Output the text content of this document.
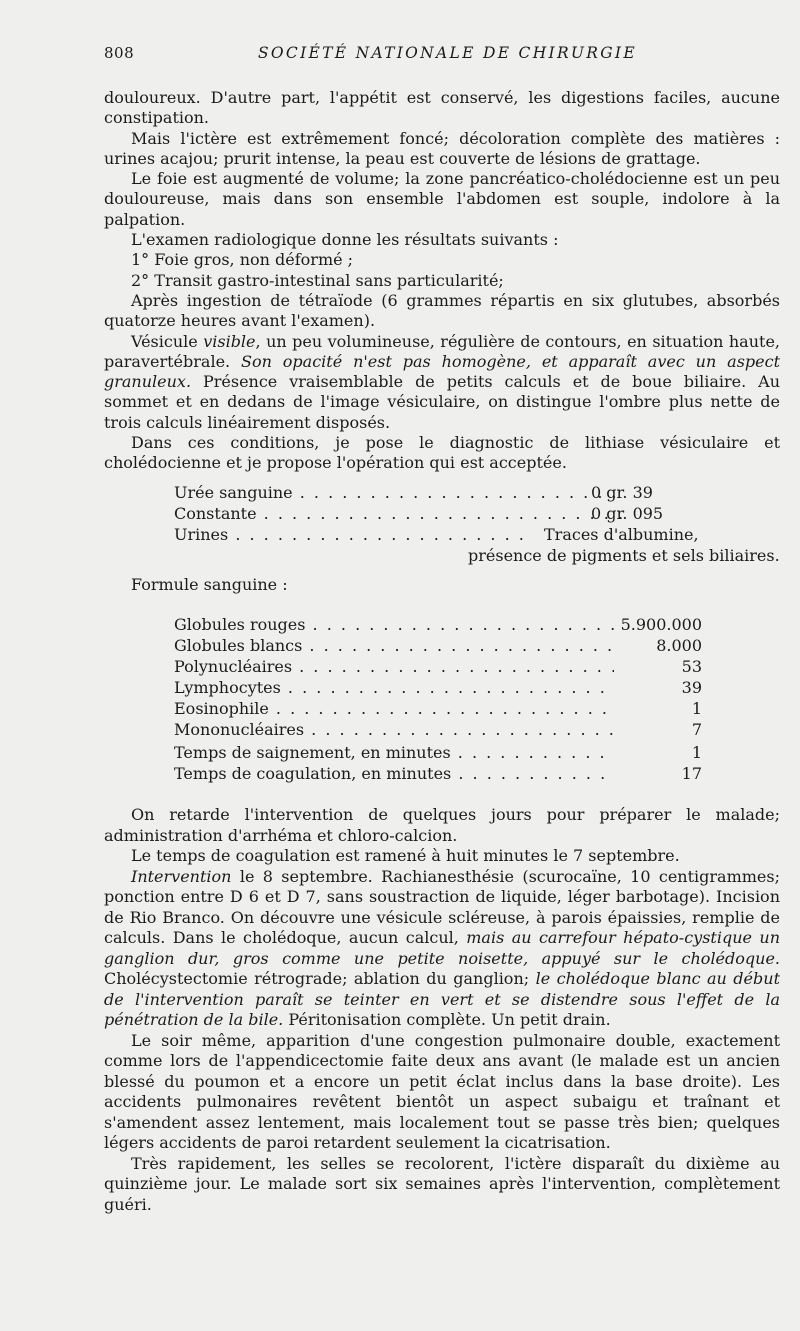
808	SOCIÉTÉ NATIONALE DE CHIRURGIE

douloureux. D'autre part, l'appétit est conservé, les digestions faciles, aucune constipation.

Mais l'ictère est extrêmement foncé; décoloration complète des matières : urines acajou; prurit intense, la peau est couverte de lésions de grattage.

Le foie est augmenté de volume; la zone pancréatico-cholédocienne est un peu douloureuse, mais dans son ensemble l'abdomen est souple, indolore à la palpation.

L'examen radiologique donne les résultats suivants :

1° Foie gros, non déformé ;

2° Transit gastro-intestinal sans particularité;

Après ingestion de tétraïode (6 grammes répartis en six glutubes, absorbés quatorze heures avant l'examen).

Vésicule visible, un peu volumineuse, régulière de contours, en situation haute, paravertébrale. Son opacité n'est pas homogène, et apparaît avec un aspect granuleux. Présence vraisemblable de petits calculs et de boue biliaire. Au sommet et en dedans de l'image vésiculaire, on distingue l'ombre plus nette de trois calculs linéairement disposés.

Dans ces conditions, je pose le diagnostic de lithiase vésiculaire et cholédocienne et je propose l'opération qui est acceptée.

Urée sanguine . . .	0 gr. 39
Constante . . .	0 gr. 095
Urines . . .	Traces d'albumine,
présence de pigments et sels biliaires.
Formule sanguine :
Globules rouges . . .	5.900.000
Globules blancs . . .	8.000
Polynucléaires . . .	53
Lymphocytes . . .	39
Eosinophile . . .	1
Mononucléaires . . .	7
Temps de saignement, en minutes . . .	1
Temps de coagulation, en minutes . . .	17

On retarde l'intervention de quelques jours pour préparer le malade; administration d'arrhéma et chloro-calcion.

Le temps de coagulation est ramené à huit minutes le 7 septembre.

Intervention le 8 septembre. Rachianesthésie (scurocaïne, 10 centigrammes; ponction entre D 6 et D 7, sans soustraction de liquide, léger barbotage). Incision de Rio Branco. On découvre une vésicule scléreuse, à parois épaissies, remplie de calculs. Dans le cholédoque, aucun calcul, mais au carrefour hépato-cystique un ganglion dur, gros comme une petite noisette, appuyé sur le cholédoque. Cholécystectomie rétrograde; ablation du ganglion; le cholédoque blanc au début de l'intervention paraît se teinter en vert et se distendre sous l'effet de la pénétration de la bile. Péritonisation complète. Un petit drain.

Le soir même, apparition d'une congestion pulmonaire double, exactement comme lors de l'appendicectomie faite deux ans avant (le malade est un ancien blessé du poumon et a encore un petit éclat inclus dans la base droite). Les accidents pulmonaires revêtent bientôt un aspect subaigu et traînant et s'amendent assez lentement, mais localement tout se passe très bien; quelques légers accidents de paroi retardent seulement la cicatrisation.

Très rapidement, les selles se recolorent, l'ictère disparaît du dixième au quinzième jour. Le malade sort six semaines après l'intervention, complètement guéri.
